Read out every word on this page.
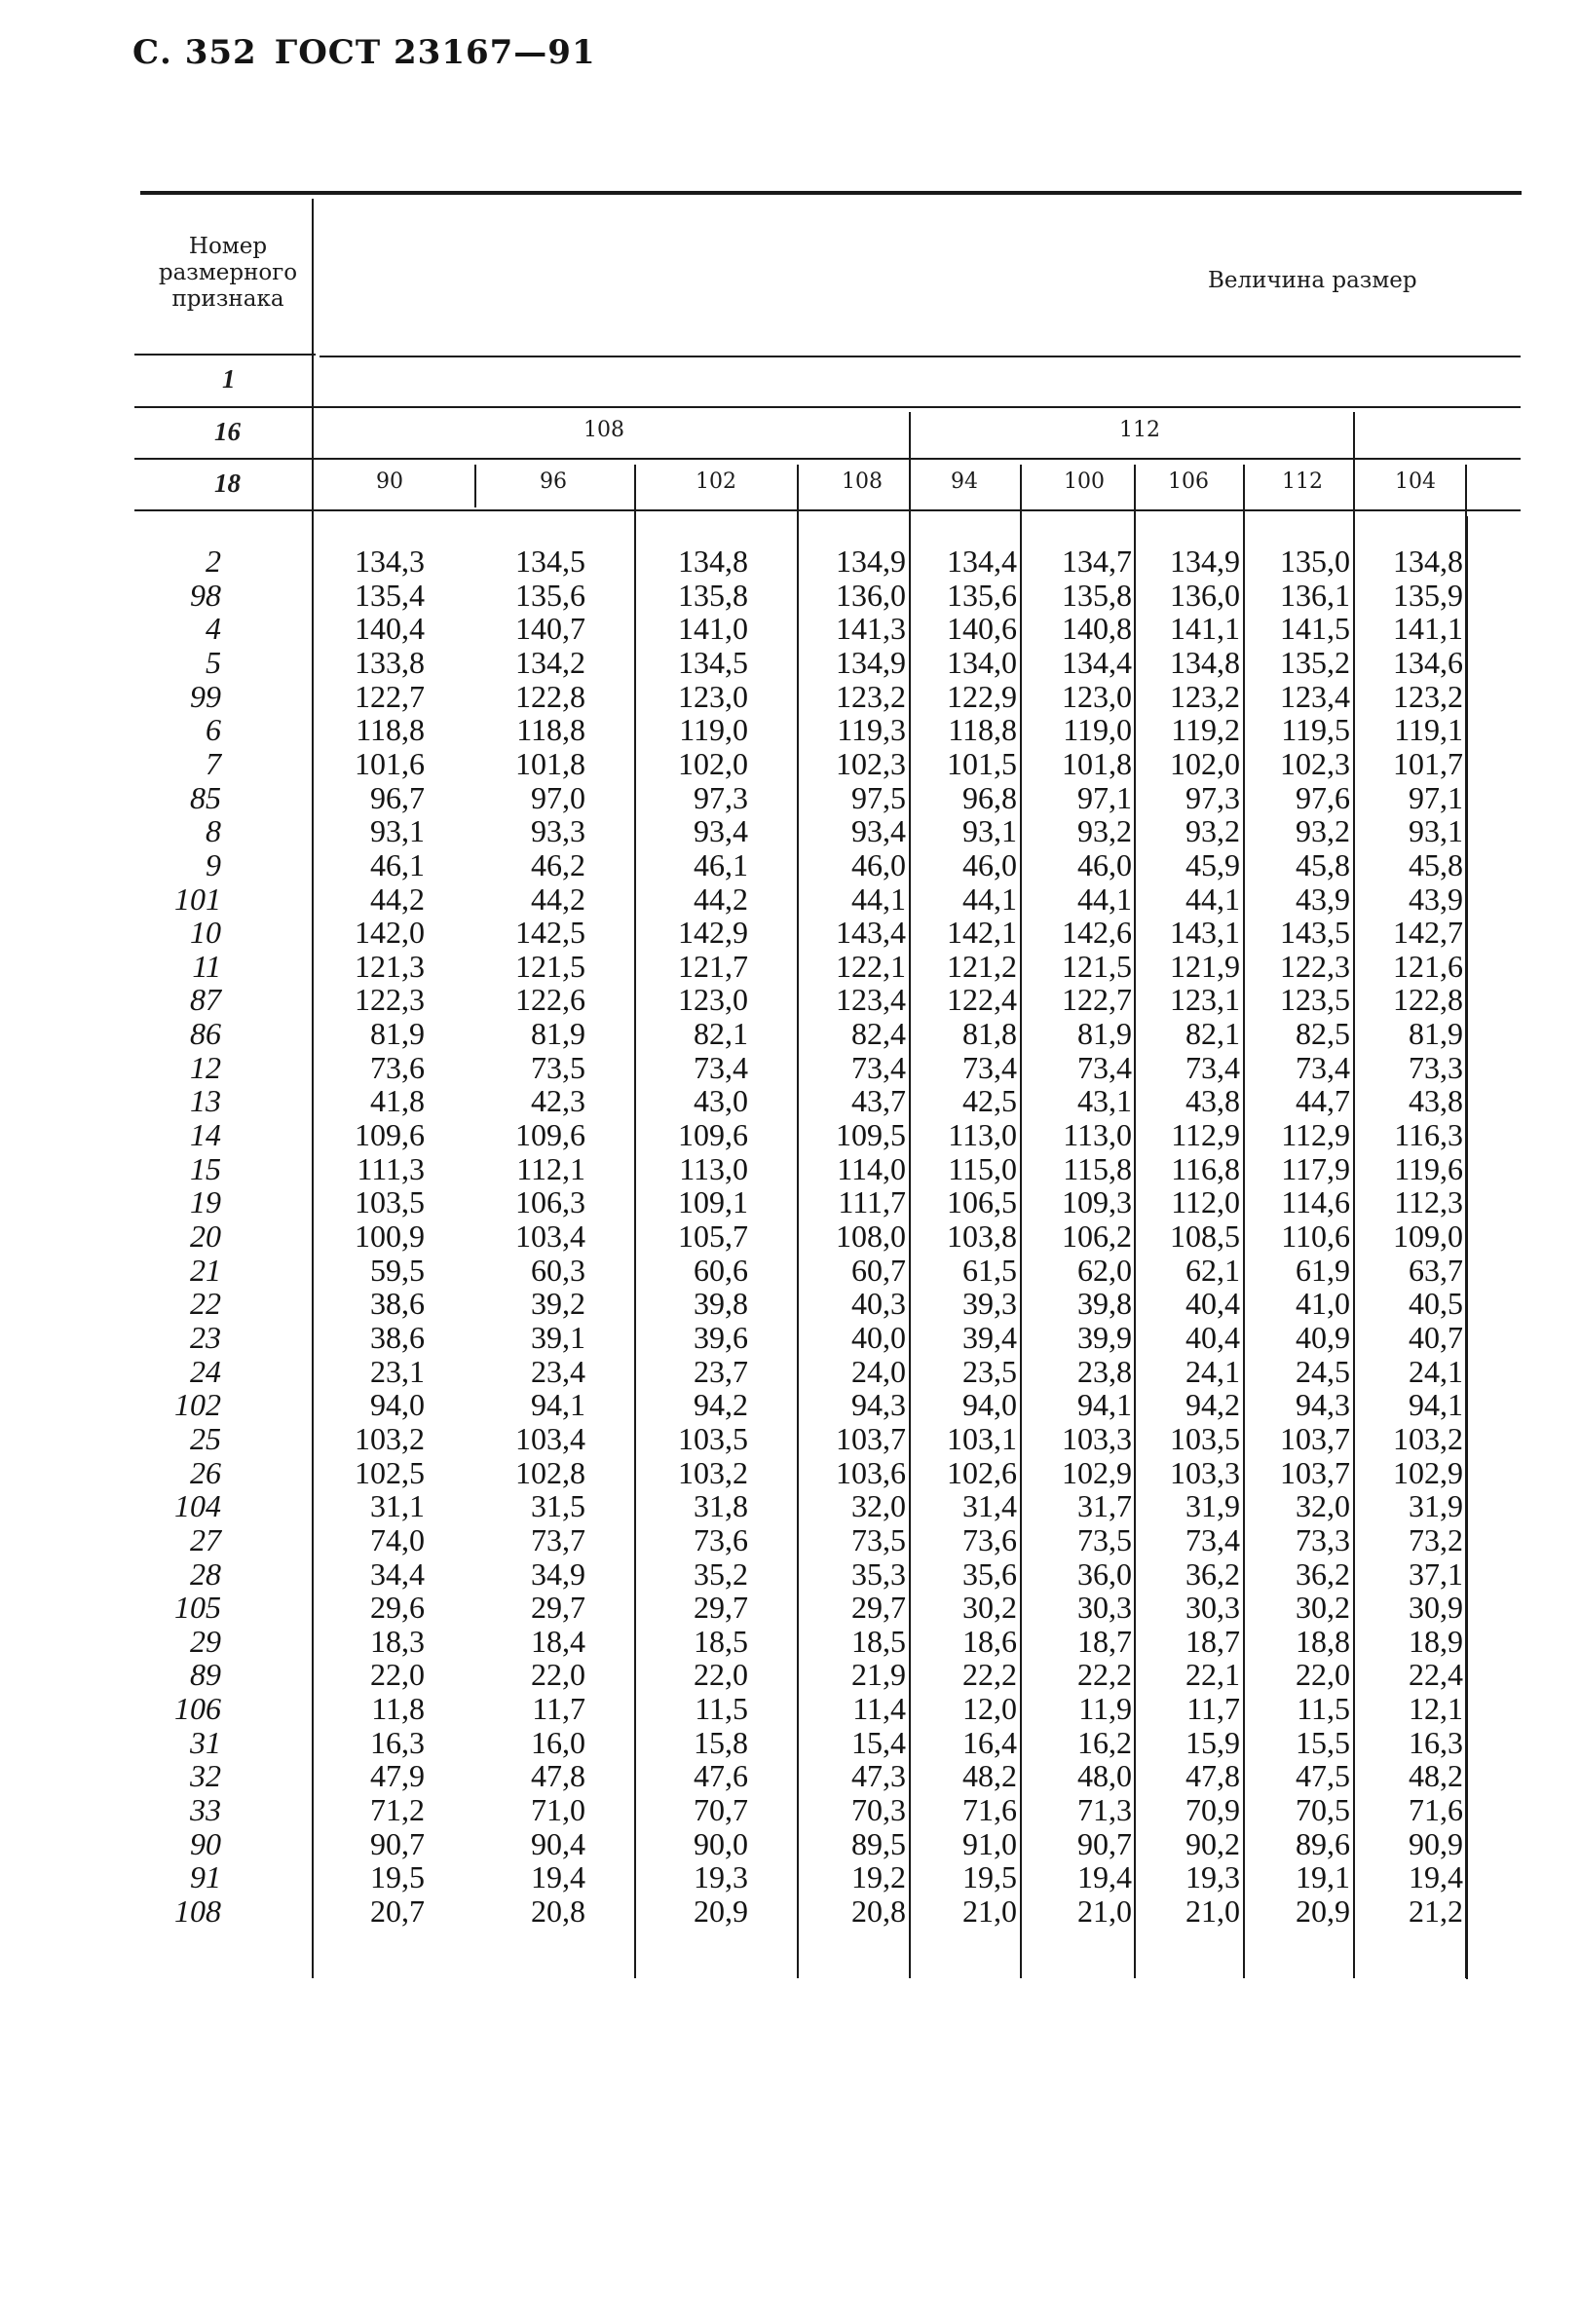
С. 352 ГОСТ 23167—91
Номер размерного признака
Величина размер
1
16
18
108	112
90	96	102	108	94	100	106	112	104
2	134,3	134,5	134,8	134,9 134,4 134,7 134,9 135,0 134,8
98	135,4	135,6	135,8	136,0 135,6 135,8 136,0 136,1 135,9
4	140,4	140,7	141,0	141,3 140,6 140,8 141,1 141,5 141,1
5	133,8	134,2	134,5	134,9 134,0 134,4 134,8 135,2 134,6
99	122,7	122,8	123,0	123,2 122,9 123,0 123,2 123,4 123,2
6	118,8	118,8	119,0	119,3 118,8 119,0 119,2 119,5 119,1
7	101,6	101,8	102,0	102,3 101,5 101,8 102,0 102,3 101,7
85	96,7	97,0	97,3	97,5 96,8 97,1 97,3 97,6 97,1
8	93,1	93,3	93,4	93,4 93,1 93,2 93,2 93,2 93,1
9	46,1	46,2	46,1	46,0 46,0 46,0 45,9 45,8 45,8
101	44,2	44,2	44,2	44,1 44,1 44,1 44,1 43,9 43,9
10	142,0	142,5	142,9	143,4 142,1 142,6 143,1 143,5 142,7
11	121,3	121,5	121,7	122,1 121,2 121,5 121,9 122,3 121,6
87	122,3	122,6	123,0	123,4 122,4 122,7 123,1 123,5 122,8
86	81,9	81,9	82,1	82,4 81,8 81,9 82,1 82,5 81,9
12	73,6	73,5	73,4	73,4 73,4 73,4 73,4 73,4 73,3
13	41,8	42,3	43,0	43,7 42,5 43,1 43,8 44,7 43,8
14	109,6	109,6	109,6	109,5 113,0 113,0 112,9 112,9 116,3
15	111,3	112,1	113,0	114,0 115,0 115,8 116,8 117,9 119,6
19	103,5	106,3	109,1	111,7 106,5 109,3 112,0 114,6 112,3
20	100,9	103,4	105,7	108,0 103,8 106,2 108,5 110,6 109,0
21	59,5	60,3	60,6	60,7 61,5 62,0 62,1 61,9 63,7
22	38,6	39,2	39,8	40,3 39,3 39,8 40,4 41,0 40,5
23	38,6	39,1	39,6	40,0 39,4 39,9 40,4 40,9 40,7
24	23,1	23,4	23,7	24,0 23,5 23,8 24,1 24,5 24,1
102	94,0	94,1	94,2	94,3 94,0 94,1 94,2 94,3 94,1
25	103,2	103,4	103,5	103,7 103,1 103,3 103,5 103,7 103,2
26	102,5	102,8	103,2	103,6 102,6 102,9 103,3 103,7 102,9
104	31,1	31,5	31,8	32,0 31,4 31,7 31,9 32,0 31,9
27	74,0	73,7	73,6	73,5 73,6 73,5 73,4 73,3 73,2
28	34,4	34,9	35,2	35,3 35,6 36,0 36,2 36,2 37,1
105	29,6	29,7	29,7	29,7 30,2 30,3 30,3 30,2 30,9
29	18,3	18,4	18,5	18,5 18,6 18,7 18,7 18,8 18,9
89	22,0	22,0	22,0	21,9 22,2 22,2 22,1 22,0 22,4
106	11,8	11,7	11,5	11,4 12,0 11,9 11,7 11,5 12,1
31	16,3	16,0	15,8	15,4 16,4 16,2 15,9 15,5 16,3
32	47,9	47,8	47,6	47,3 48,2 48,0 47,8 47,5 48,2
33	71,2	71,0	70,7	70,3 71,6 71,3 70,9 70,5 71,6
90	90,7	90,4	90,0	89,5 91,0 90,7 90,2 89,6 90,9
91	19,5	19,4	19,3	19,2 19,5 19,4 19,3 19,1 19,4
108	20,7	20,8	20,9	20,8 21,0 21,0 21,0 20,9 21,2
